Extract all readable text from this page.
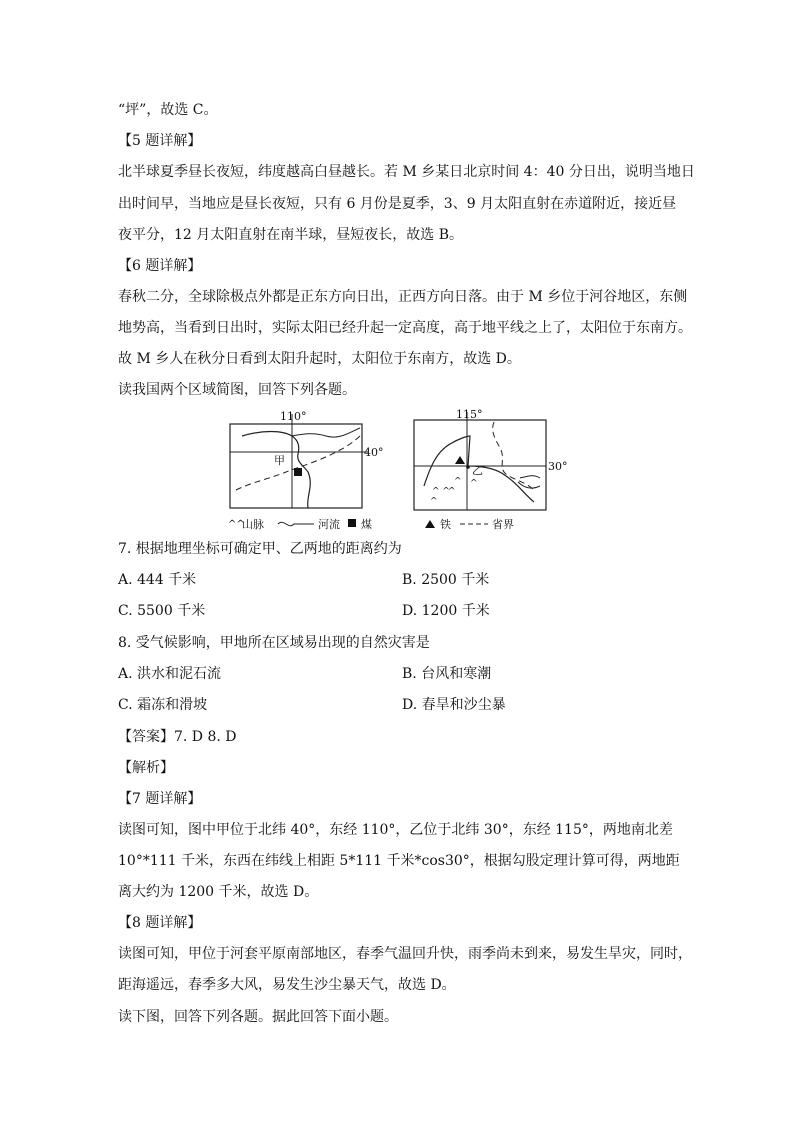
“坪”，故选 C。
【5 题详解】
北半球夏季昼长夜短，纬度越高白昼越长。若 M 乡某日北京时间 4：40 分日出，说明当地日
出时间早，当地应是昼长夜短，只有 6 月份是夏季，3、9 月太阳直射在赤道附近，接近昼
夜平分，12 月太阳直射在南半球，昼短夜长，故选 B。
【6 题详解】
春秋二分，全球除极点外都是正东方向日出，正西方向日落。由于 M 乡位于河谷地区，东侧
地势高，当看到日出时，实际太阳已经升起一定高度，高于地平线之上了，太阳位于东南方。
故 M 乡人在秋分日看到太阳升起时，太阳位于东南方，故选 D。
读我国两个区域简图，回答下列各题。
110°
40°
甲
^^
山脉	河流 煤
115°
30°
乙
^
^ ^
^
^
^
铁	省界
7. 根据地理坐标可确定甲、乙两地的距离约为
A. 444 千米	B. 2500 千米
C. 5500 千米	D. 1200 千米
8. 受气候影响，甲地所在区域易出现的自然灾害是
A. 洪水和泥石流	B. 台风和寒潮
C. 霜冻和滑坡	D. 春旱和沙尘暴
【答案】7. D 8. D
【解析】
【7 题详解】
读图可知，图中甲位于北纬 40°，东经 110°，乙位于北纬 30°，东经 115°，两地南北差
10°*111 千米，东西在纬线上相距 5*111 千米*cos30°，根据勾股定理计算可得，两地距
离大约为 1200 千米，故选 D。
【8 题详解】
读图可知，甲位于河套平原南部地区，春季气温回升快，雨季尚未到来，易发生旱灾，同时，
距海遥远，春季多大风，易发生沙尘暴天气，故选 D。
读下图，回答下列各题。据此回答下面小题。
